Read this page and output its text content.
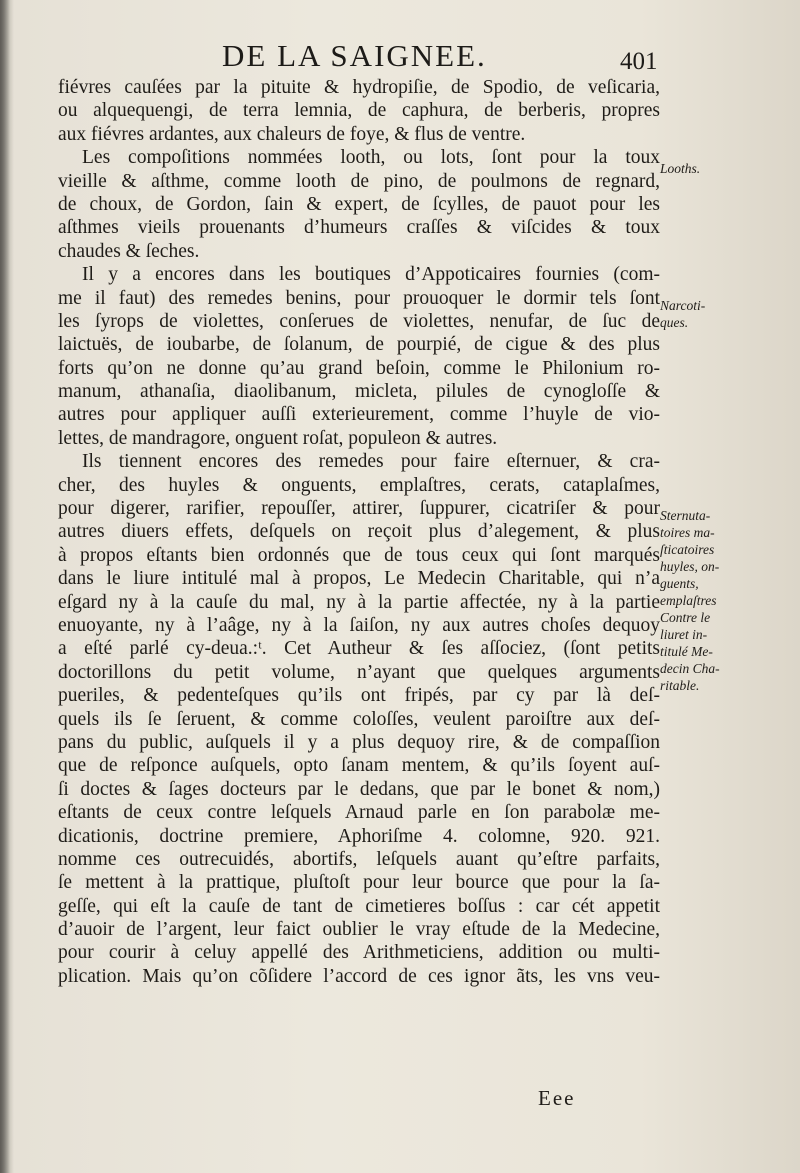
DE LA SAIGNEE.	401
fiévres cauſées par la pituite & hydropiſie, de Spodio, de veſicaria,
ou alquequengi, de terra lemnia, de caphura, de berberis, propres
aux fiévres ardantes, aux chaleurs de foye, & flus de ventre.
Les compoſitions nommées looth, ou lots, ſont pour la toux
vieille & aſthme, comme looth de pino, de poulmons de regnard,
de choux, de Gordon, ſain & expert, de ſcylles, de pauot pour les
aſthmes vieils prouenants d’humeurs craſſes & viſcides & toux
chaudes & ſeches.
Il y a encores dans les boutiques d’Appoticaires fournies (com-
me il faut) des remedes benins, pour prouoquer le dormir tels ſont
les ſyrops de violettes, conſerues de violettes, nenufar, de ſuc de
laictuës, de ioubarbe, de ſolanum, de pourpié, de cigue & des plus
forts qu’on ne donne qu’au grand beſoin, comme le Philonium ro-
manum, athanaſia, diaolibanum, micleta, pilules de cynogloſſe &
autres pour appliquer auſſi exterieurement, comme l’huyle de vio-
lettes, de mandragore, onguent roſat, populeon & autres.
Ils tiennent encores des remedes pour faire eſternuer, & cra-
cher, des huyles & onguents, emplaſtres, cerats, cataplaſmes,
pour digerer, rarifier, repouſſer, attirer, ſuppurer, cicatriſer & pour
autres diuers effets, deſquels on reçoit plus d’alegement, & plus
à propos eſtants bien ordonnés que de tous ceux qui ſont marqués
dans le liure intitulé mal à propos, Le Medecin Charitable, qui n’a
eſgard ny à la cauſe du mal, ny à la partie affectée, ny à la partie
enuoyante, ny à l’aâge, ny à la ſaiſon, ny aux autres choſes dequoy
a eſté parlé cy-deua.:ᵗ. Cet Autheur & ſes aſſociez, (ſont petits
doctorillons du petit volume, n’ayant que quelques arguments
pueriles, & pedenteſques qu’ils ont fripés, par cy par là deſ-
quels ils ſe ſeruent, & comme coloſſes, veulent paroiſtre aux deſ-
pans du public, auſquels il y a plus dequoy rire, & de compaſſion
que de reſponce auſquels, opto ſanam mentem, & qu’ils ſoyent auſ-
ſi doctes & ſages docteurs par le dedans, que par le bonet & nom,)
eſtants de ceux contre leſquels Arnaud parle en ſon parabolæ me-
dicationis, doctrine premiere, Aphoriſme 4. colomne, 920. 921.
nomme ces outrecuidés, abortifs, leſquels auant qu’eſtre parfaits,
ſe mettent à la prattique, pluſtoſt pour leur bource que pour la ſa-
geſſe, qui eſt la cauſe de tant de cimetieres boſſus : car cét appetit
d’auoir de l’argent, leur faict oublier le vray eſtude de la Medecine,
pour courir à celuy appellé des Arithmeticiens, addition ou multi-
plication. Mais qu’on cõſidere l’accord de ces ignor ãts, les vns veu-
Looths.
Narcoti-
ques.
Sternuta-
toires ma-
ſticatoires
huyles, on-
guents,
emplaſtres
Contre le
liuret in-
titulé Me-
decin Cha-
ritable.
Eee
